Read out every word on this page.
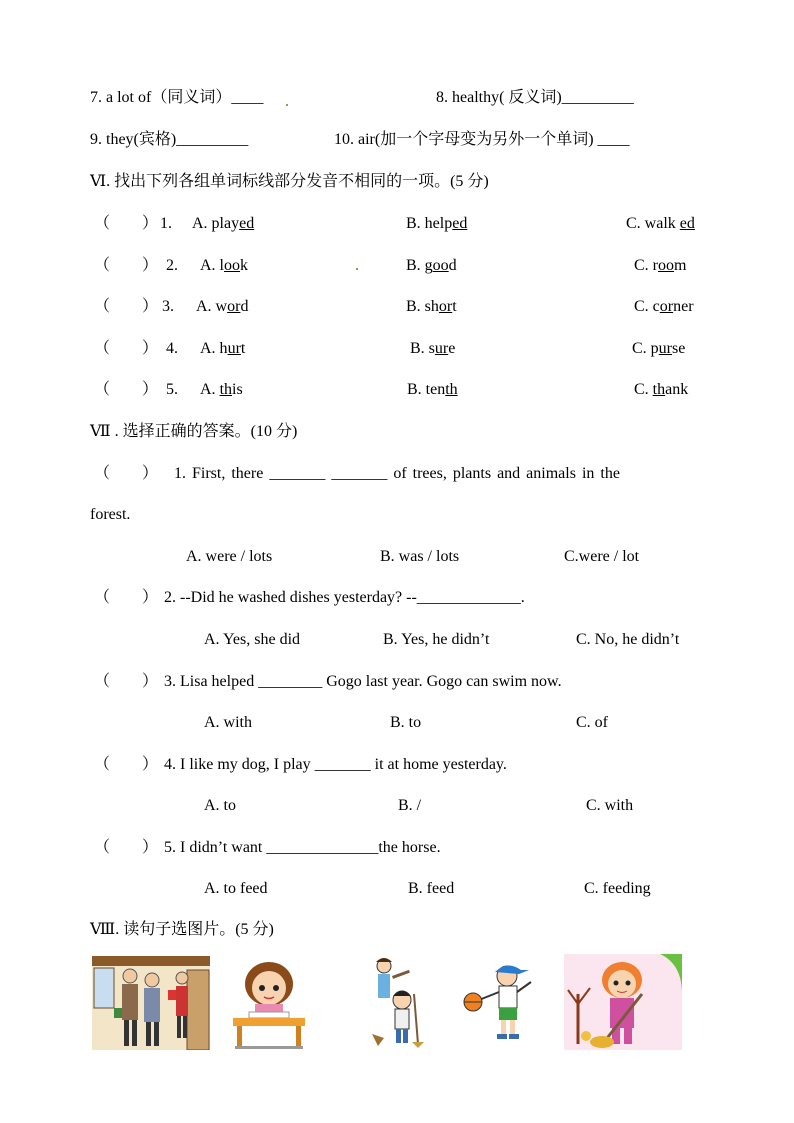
7. a lot of（同义词）____	8. healthy( 反义词)_________
9. they(宾格)_________	10. air(加一个字母变为另外一个单词) ____
Ⅵ. 找出下列各组单词标线部分发音不相同的一项。(5 分)
（　　） 1. A. played	B. helped	C. walk ed
（　　） 2. A. look	B. good	C. room
（　　） 3. A. word	B. short	C. corner
（　　） 4. A. hurt	B. sure	C. purse
（　　） 5. A. this	B. tenth	C. thank
Ⅶ . 选择正确的答案。(10 分)
（　　） 1. First, there _______ _______ of trees, plants and animals in the
forest.
A. were / lots	B. was / lots	C.were / lot
（　　） 2. --Did he washed dishes yesterday? --_____________.
A. Yes, she did	B. Yes, he didn’t	C. No, he didn’t
（　　） 3. Lisa helped ________ Gogo last year. Gogo can swim now.
A. with	B. to	C. of
（　　） 4. I like my dog, I play _______ it at home yesterday.
A. to	B. /	C. with
（　　） 5. I didn’t want ______________the horse.
A. to feed	B. feed	C. feeding
Ⅷ. 读句子选图片。(5 分)
